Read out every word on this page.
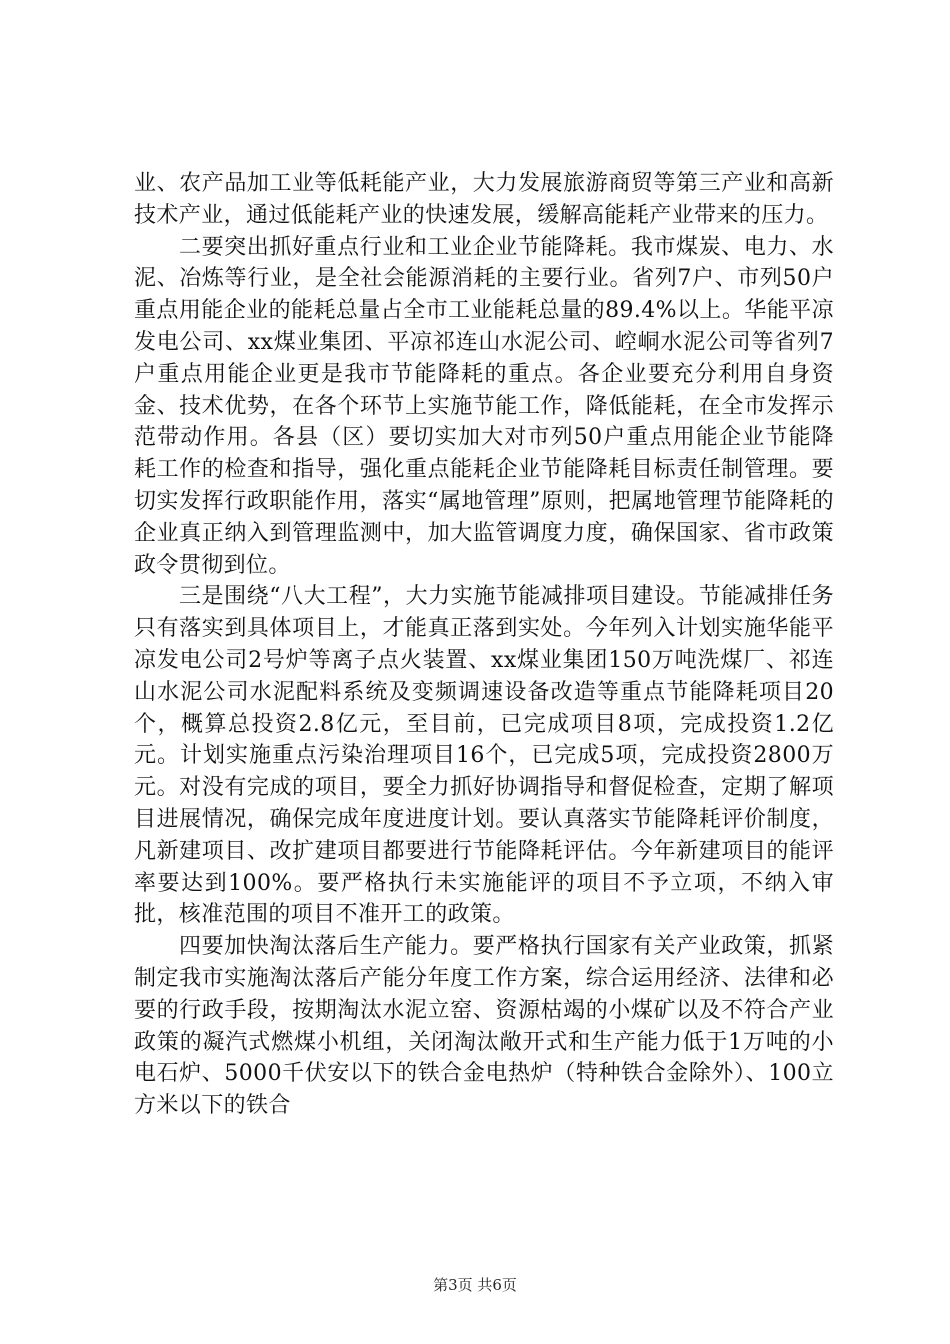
业、农产品加工业等低耗能产业，大力发展旅游商贸等第三产业和高新技术产业，通过低能耗产业的快速发展，缓解高能耗产业带来的压力。

二要突出抓好重点行业和工业企业节能降耗。我市煤炭、电力、水泥、冶炼等行业，是全社会能源消耗的主要行业。省列7户、市列50户重点用能企业的能耗总量占全市工业能耗总量的89.4%以上。华能平凉发电公司、xx煤业集团、平凉祁连山水泥公司、崆峒水泥公司等省列7户重点用能企业更是我市节能降耗的重点。各企业要充分利用自身资金、技术优势，在各个环节上实施节能工作，降低能耗，在全市发挥示范带动作用。各县（区）要切实加大对市列50户重点用能企业节能降耗工作的检查和指导，强化重点能耗企业节能降耗目标责任制管理。要切实发挥行政职能作用，落实“属地管理”原则，把属地管理节能降耗的企业真正纳入到管理监测中，加大监管调度力度，确保国家、省市政策政令贯彻到位。

三是围绕“八大工程”，大力实施节能减排项目建设。节能减排任务只有落实到具体项目上，才能真正落到实处。今年列入计划实施华能平凉发电公司2号炉等离子点火装置、xx煤业集团150万吨洗煤厂、祁连山水泥公司水泥配料系统及变频调速设备改造等重点节能降耗项目20个，概算总投资2.8亿元，至目前，已完成项目8项，完成投资1.2亿元。计划实施重点污染治理项目16个，已完成5项，完成投资2800万元。对没有完成的项目，要全力抓好协调指导和督促检查，定期了解项目进展情况，确保完成年度进度计划。要认真落实节能降耗评价制度，凡新建项目、改扩建项目都要进行节能降耗评估。今年新建项目的能评率要达到100%。要严格执行未实施能评的项目不予立项，不纳入审批，核准范围的项目不准开工的政策。

四要加快淘汰落后生产能力。要严格执行国家有关产业政策，抓紧制定我市实施淘汰落后产能分年度工作方案，综合运用经济、法律和必要的行政手段，按期淘汰水泥立窑、资源枯竭的小煤矿以及不符合产业政策的凝汽式燃煤小机组，关闭淘汰敞开式和生产能力低于1万吨的小电石炉、5000千伏安以下的铁合金电热炉（特种铁合金除外）、100立方米以下的铁合

第3页 共6页
